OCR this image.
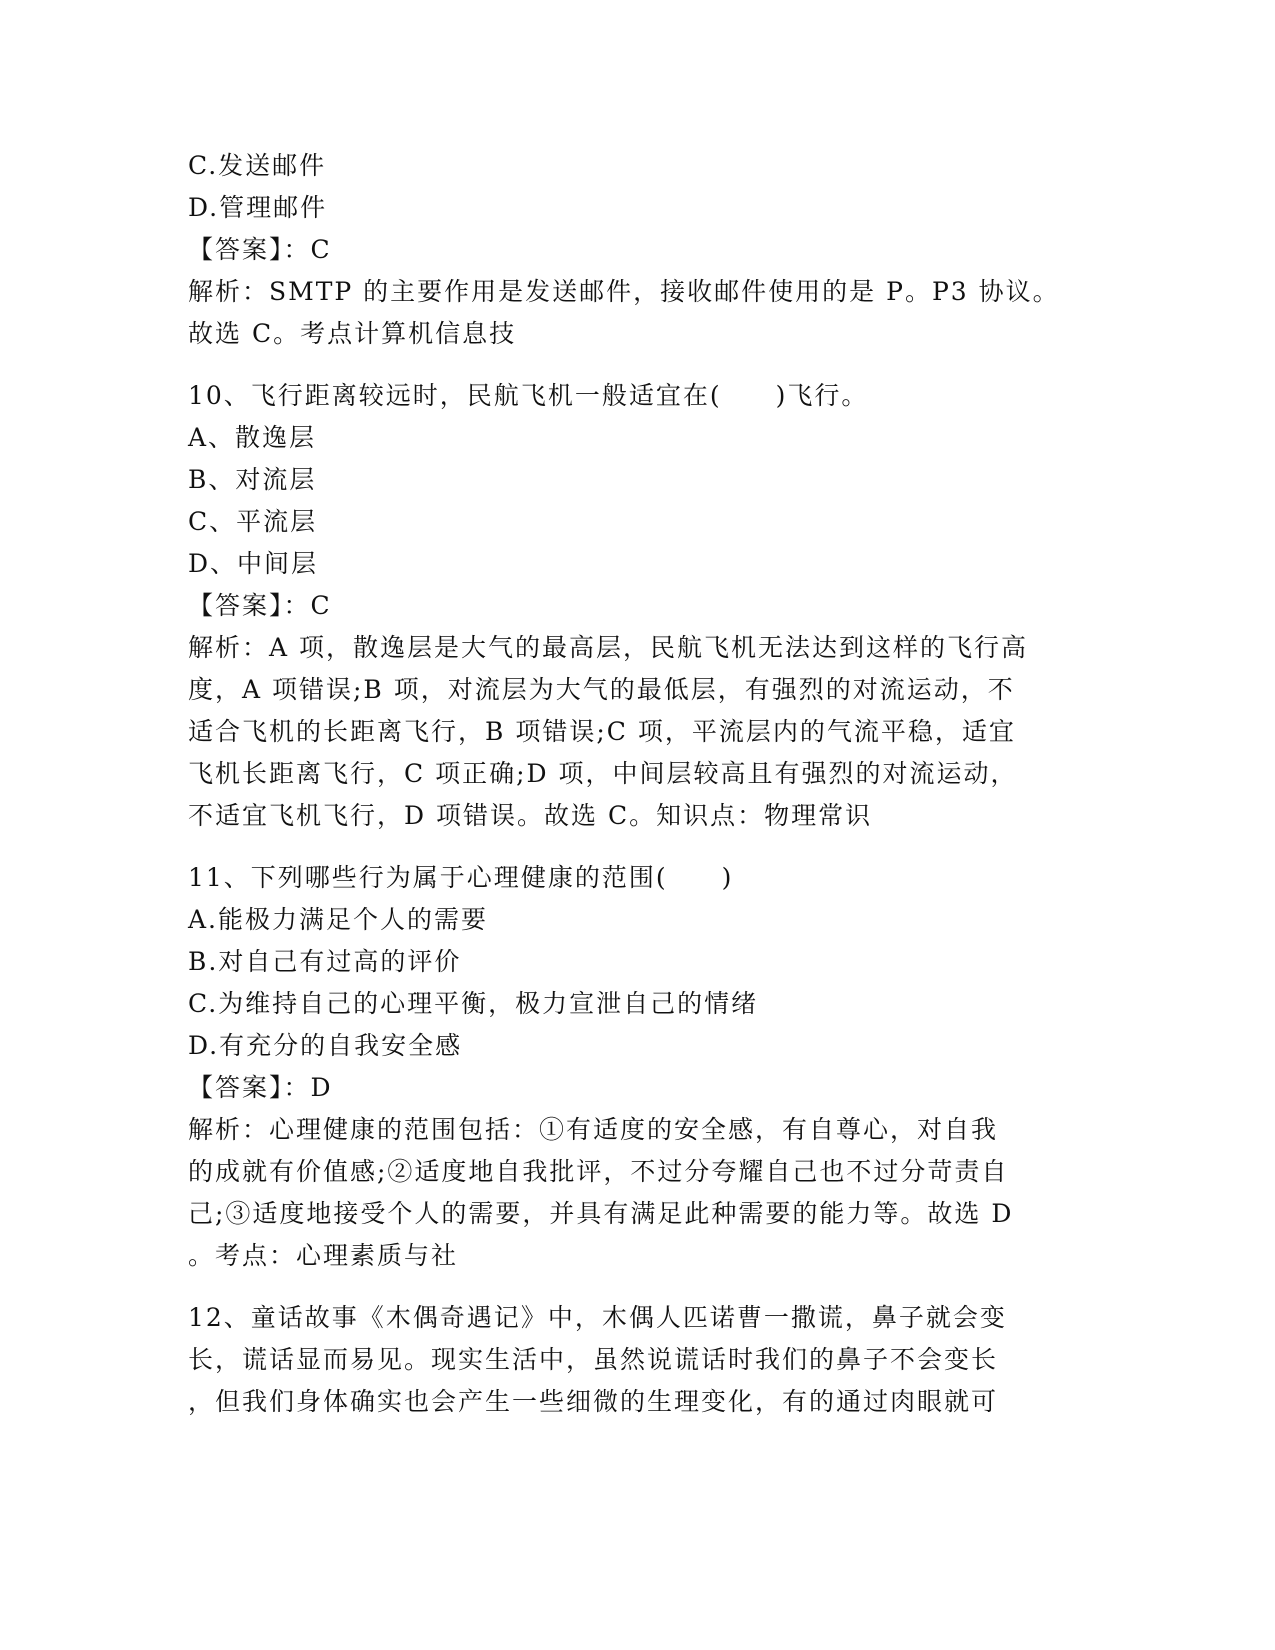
C.发送邮件
D.管理邮件
【答案】：C
解析：SMTP 的主要作用是发送邮件，接收邮件使用的是 P。P3 协议。
故选 C。考点计算机信息技
10、飞行距离较远时，民航飞机一般适宜在(　　)飞行。
A、散逸层
B、对流层
C、平流层
D、中间层
【答案】：C
解析：A 项，散逸层是大气的最高层，民航飞机无法达到这样的飞行高
度，A 项错误;B 项，对流层为大气的最低层，有强烈的对流运动，不
适合飞机的长距离飞行，B 项错误;C 项，平流层内的气流平稳，适宜
飞机长距离飞行，C 项正确;D 项，中间层较高且有强烈的对流运动，
不适宜飞机飞行，D 项错误。故选 C。知识点：物理常识
11、下列哪些行为属于心理健康的范围(　　)
A.能极力满足个人的需要
B.对自己有过高的评价
C.为维持自己的心理平衡，极力宣泄自己的情绪
D.有充分的自我安全感
【答案】：D
解析：心理健康的范围包括：①有适度的安全感，有自尊心，对自我
的成就有价值感;②适度地自我批评，不过分夸耀自己也不过分苛责自
己;③适度地接受个人的需要，并具有满足此种需要的能力等。故选 D
。考点：心理素质与社
12、童话故事《木偶奇遇记》中，木偶人匹诺曹一撒谎，鼻子就会变
长，谎话显而易见。现实生活中，虽然说谎话时我们的鼻子不会变长
，但我们身体确实也会产生一些细微的生理变化，有的通过肉眼就可
